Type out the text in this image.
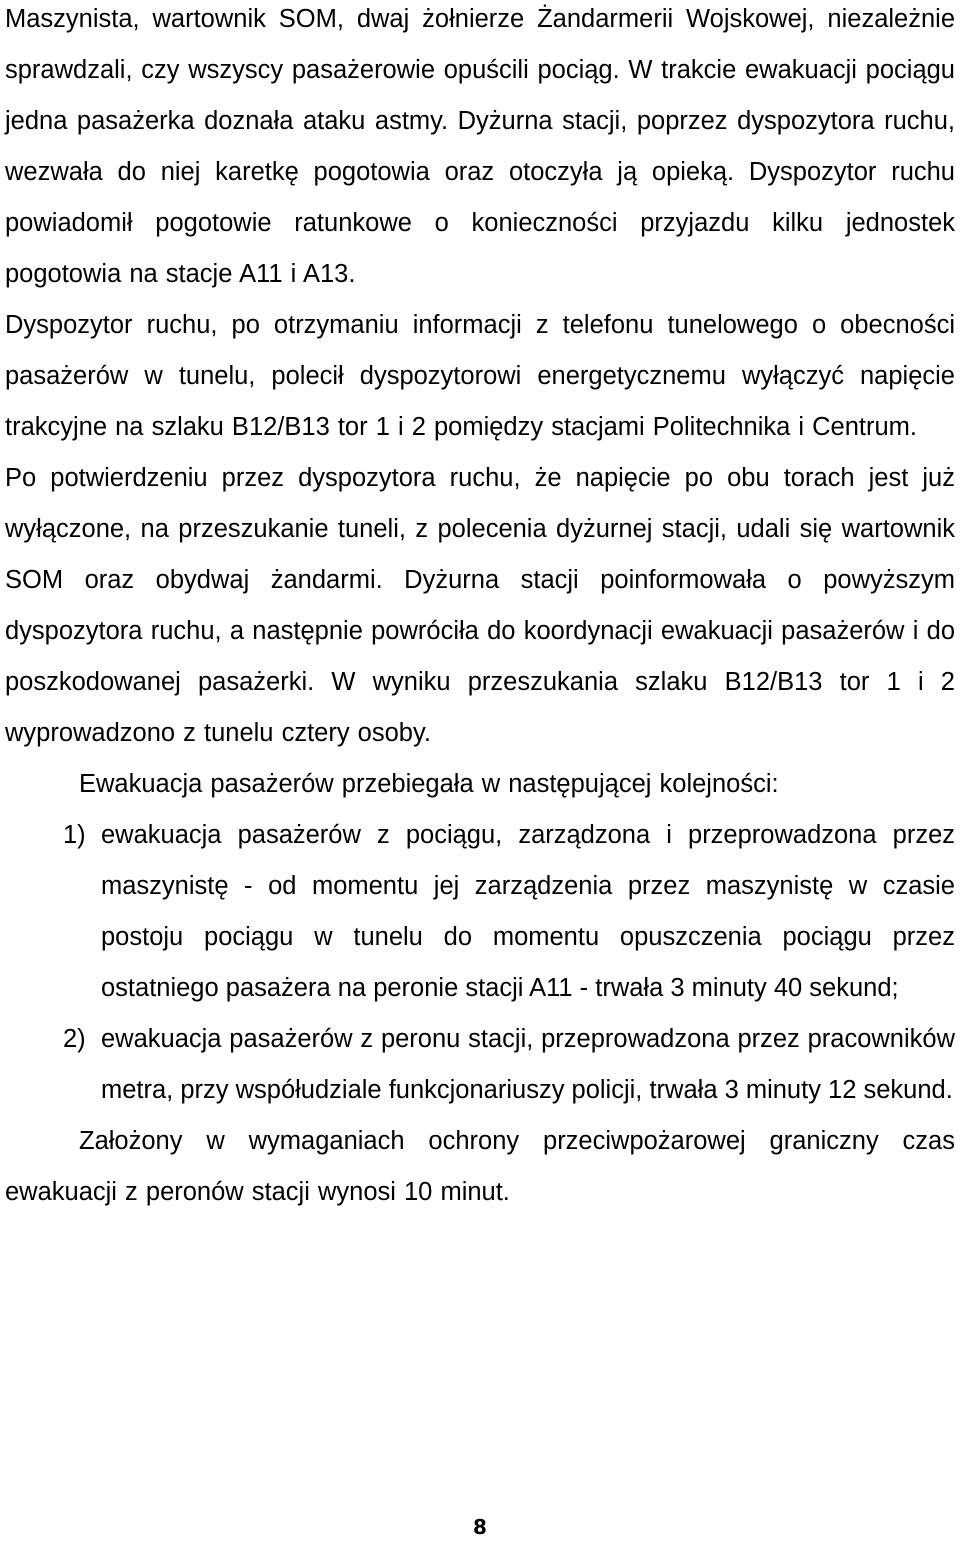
Maszynista, wartownik SOM, dwaj żołnierze Żandarmerii Wojskowej, niezależnie sprawdzali, czy wszyscy pasażerowie opuścili pociąg. W trakcie ewakuacji pociągu jedna pasażerka doznała ataku astmy. Dyżurna stacji, poprzez dyspozytora ruchu, wezwała do niej karetkę pogotowia oraz otoczyła ją opieką. Dyspozytor ruchu powiadomił pogotowie ratunkowe o konieczności przyjazdu kilku jednostek pogotowia na stacje A11 i A13.

Dyspozytor ruchu, po otrzymaniu informacji z telefonu tunelowego o obecności pasażerów w tunelu, polecił dyspozytorowi energetycznemu wyłączyć napięcie trakcyjne na szlaku B12/B13 tor 1 i 2 pomiędzy stacjami Politechnika i Centrum.

Po potwierdzeniu przez dyspozytora ruchu, że napięcie po obu torach jest już wyłączone, na przeszukanie tuneli, z polecenia dyżurnej stacji, udali się wartownik SOM oraz obydwaj żandarmi. Dyżurna stacji poinformowała o powyższym dyspozytora ruchu, a następnie powróciła do koordynacji ewakuacji pasażerów i do poszkodowanej pasażerki. W wyniku przeszukania szlaku B12/B13 tor 1 i 2 wyprowadzono z tunelu cztery osoby.

Ewakuacja pasażerów przebiegała w następującej kolejności:

1) ewakuacja pasażerów z pociągu, zarządzona i przeprowadzona przez maszynistę - od momentu jej zarządzenia przez maszynistę w czasie postoju pociągu w tunelu do momentu opuszczenia pociągu przez ostatniego pasażera na peronie stacji A11 - trwała 3 minuty 40 sekund;
2) ewakuacja pasażerów z peronu stacji, przeprowadzona przez pracowników metra, przy współudziale funkcjonariuszy policji, trwała 3 minuty 12 sekund.

Założony w wymaganiach ochrony przeciwpożarowej graniczny czas ewakuacji z peronów stacji wynosi 10 minut.

8
